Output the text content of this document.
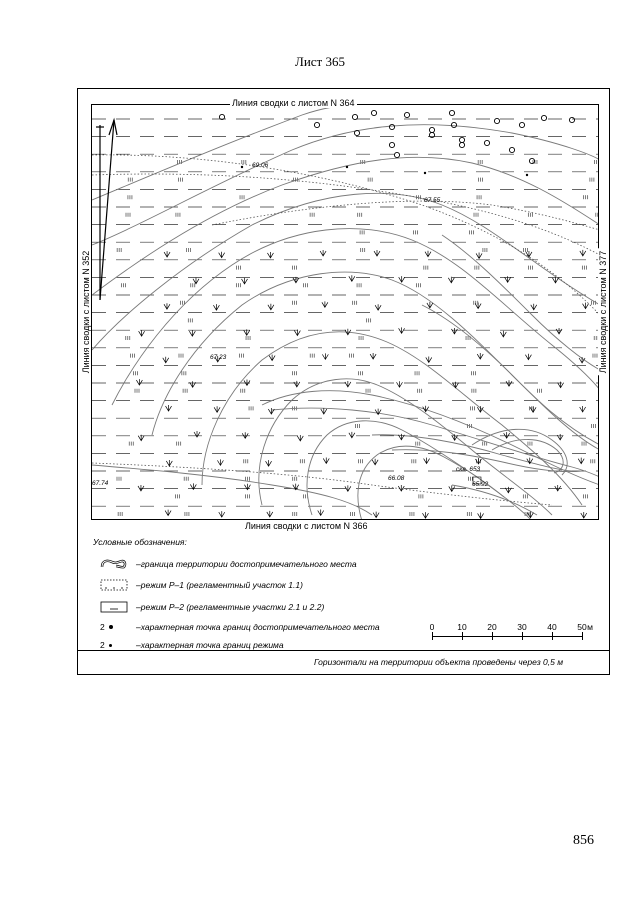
Лист 365
69.06
67.55
67.23
67.74
66.08
65.92
скв. 653
Линия сводки с листом N 364
Линия сводки с листом N 366
Линия сводки с листом N 352	Линия сводки с листом N 377
Условные обозначения:
–граница территории достопримечательного места
–режим Р–1 (регламентный участок 1.1)
–режим Р–2 (регламентные участки 2.1 и 2.2)
2	–характерная точка границ достопримечательного места
2	–характерная точка границ режима
0	10 20 30 40 50 м
Горизонтали на территории объекта проведены через 0,5 м
856
